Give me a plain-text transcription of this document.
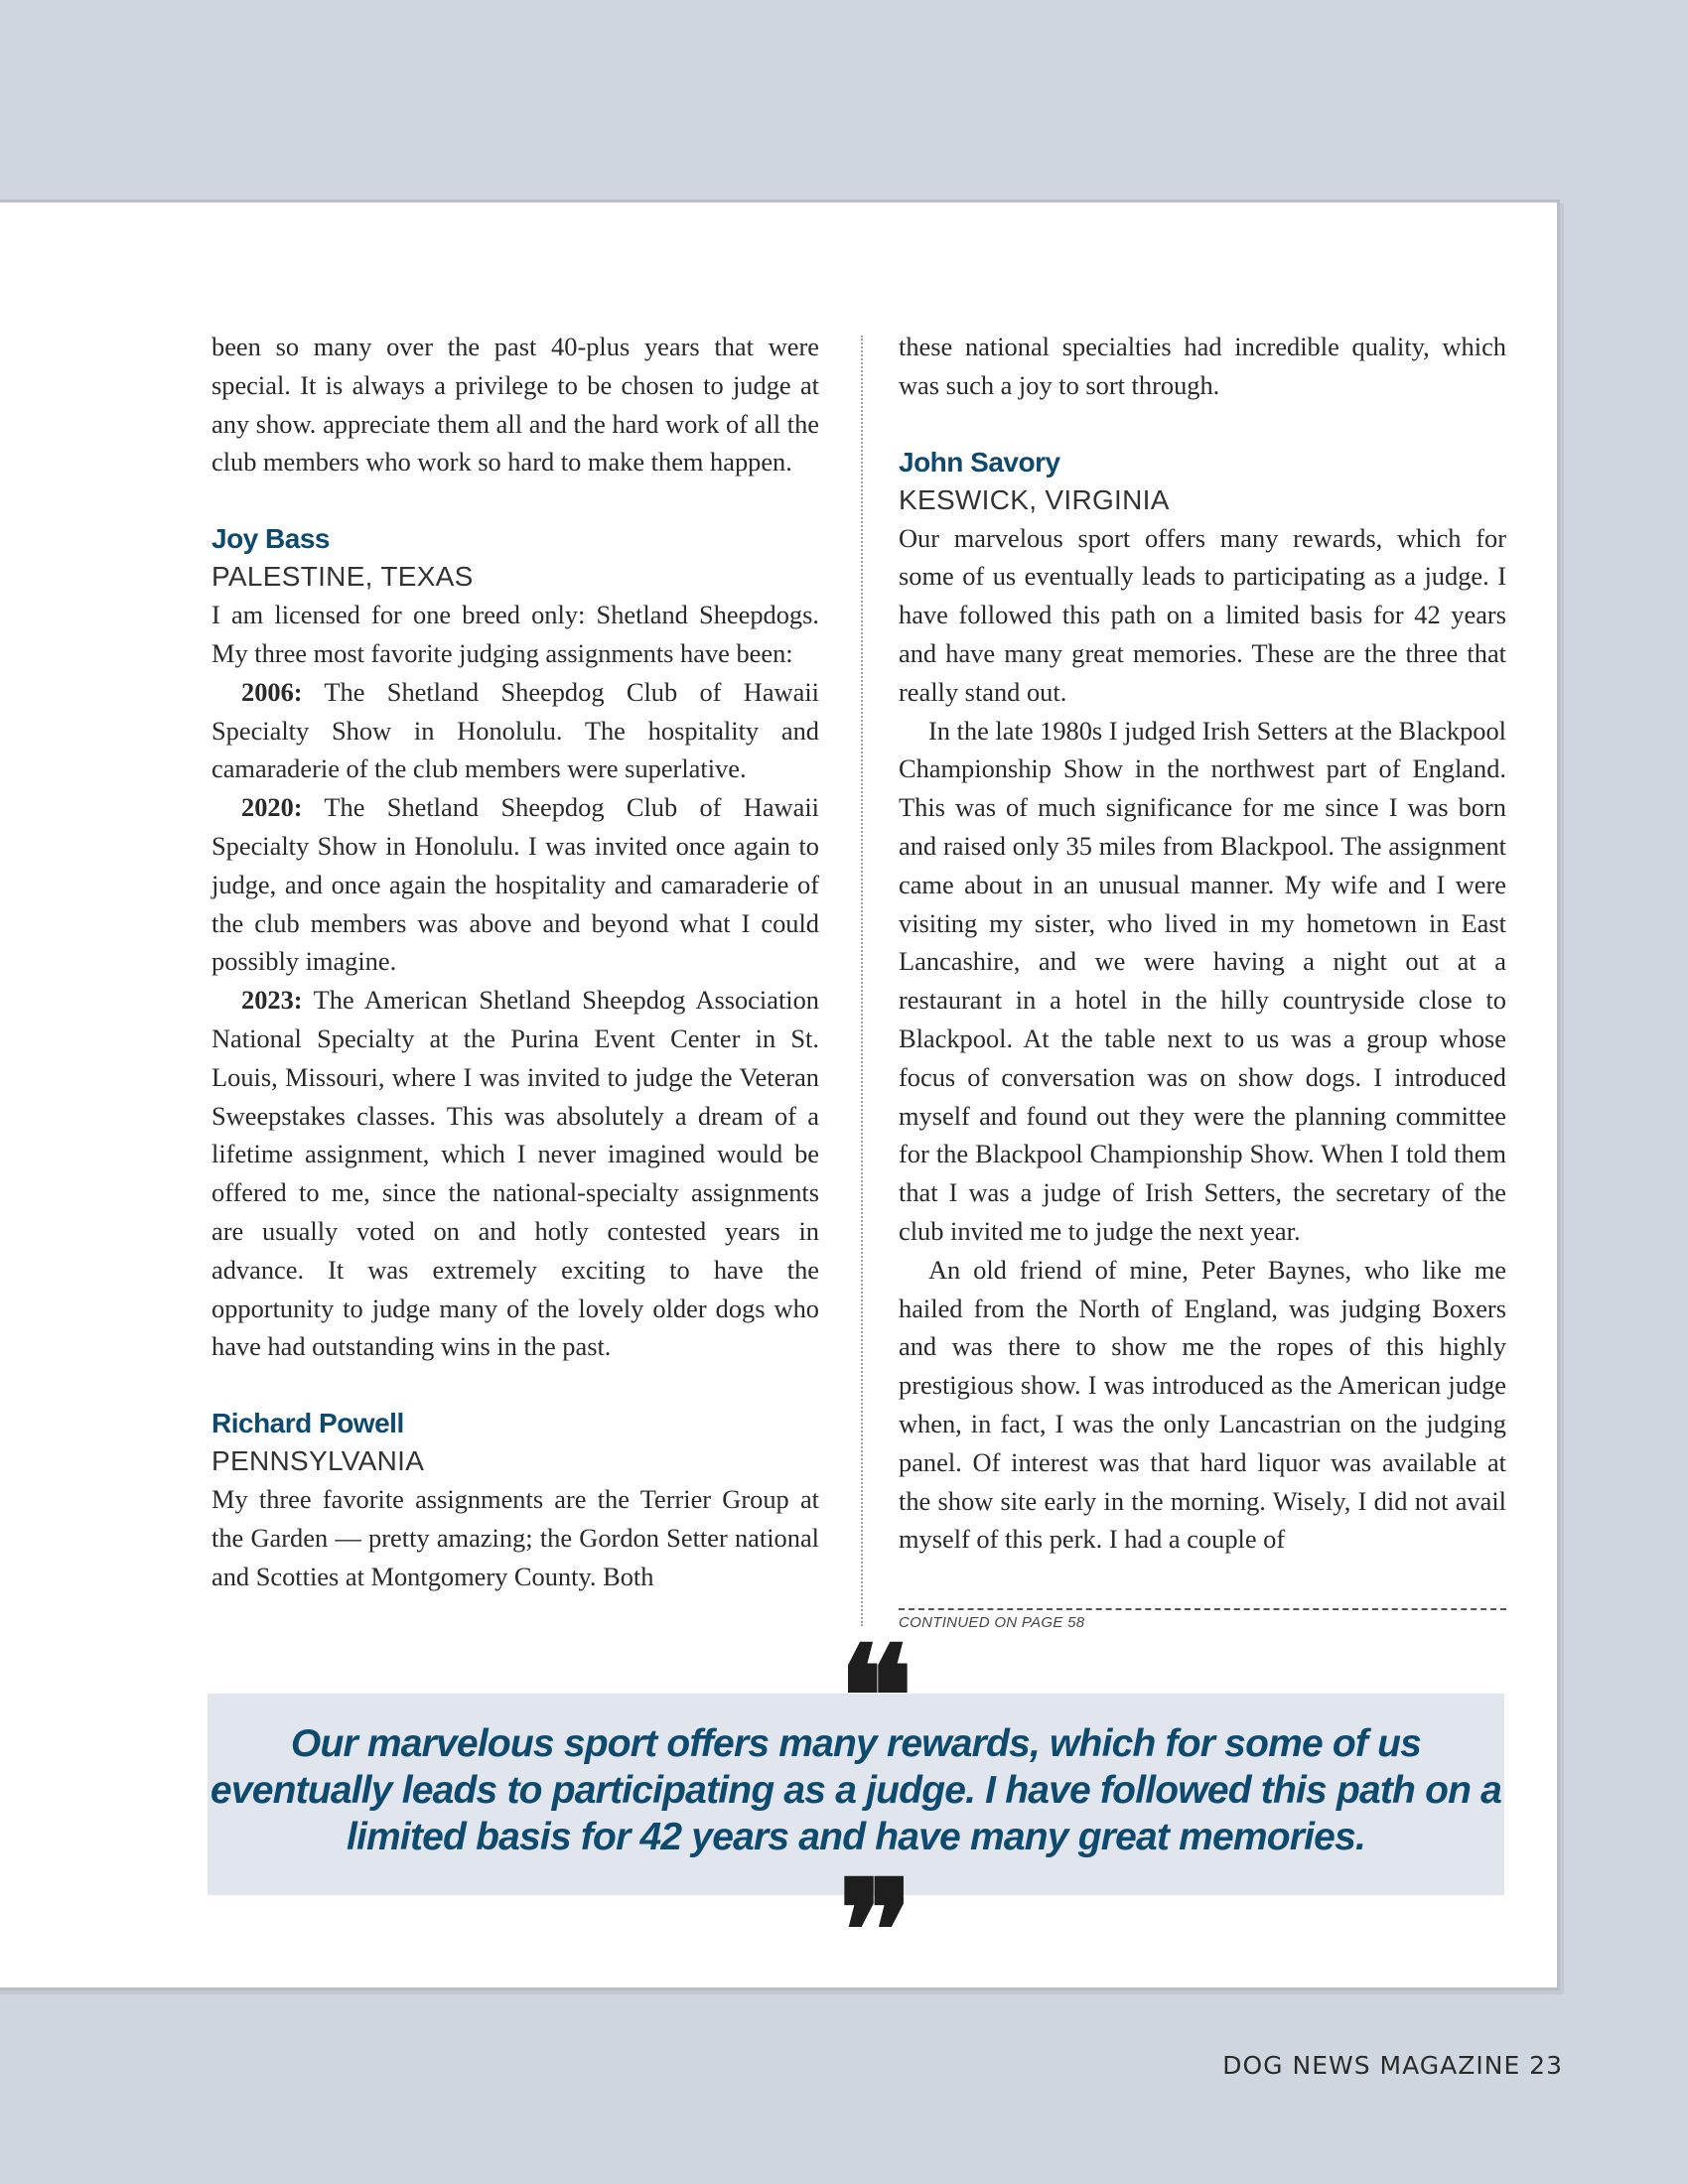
been so many over the past 40-plus years that were special. It is always a privilege to be chosen to judge at any show. appreciate them all and the hard work of all the club members who work so hard to make them happen.

Joy Bass

PALESTINE, TEXAS

I am licensed for one breed only: Shetland Sheepdogs. My three most favorite judging assignments have been:

2006: The Shetland Sheepdog Club of Hawaii Specialty Show in Honolulu. The hospitality and camaraderie of the club members were superlative.

2020: The Shetland Sheepdog Club of Hawaii Specialty Show in Honolulu. I was invited once again to judge, and once again the hospitality and camaraderie of the club members was above and beyond what I could possibly imagine.

2023: The American Shetland Sheepdog Association National Specialty at the Purina Event Center in St. Louis, Missouri, where I was invited to judge the Veteran Sweepstakes classes. This was absolutely a dream of a lifetime assignment, which I never imagined would be offered to me, since the national-specialty assignments are usually voted on and hotly contested years in advance. It was extremely exciting to have the opportunity to judge many of the lovely older dogs who have had outstanding wins in the past.

Richard Powell

PENNSYLVANIA

My three favorite assignments are the Terrier Group at the Garden — pretty amazing; the Gordon Setter national and Scotties at Montgomery County. Both

these national specialties had incredible quality, which was such a joy to sort through.

John Savory

KESWICK, VIRGINIA

Our marvelous sport offers many rewards, which for some of us eventually leads to participating as a judge. I have followed this path on a limited basis for 42 years and have many great memories. These are the three that really stand out.

In the late 1980s I judged Irish Setters at the Blackpool Championship Show in the northwest part of England. This was of much significance for me since I was born and raised only 35 miles from Blackpool. The assignment came about in an unusual manner. My wife and I were visiting my sister, who lived in my hometown in East Lancashire, and we were having a night out at a restaurant in a hotel in the hilly countryside close to Blackpool. At the table next to us was a group whose focus of conversation was on show dogs. I introduced myself and found out they were the planning committee for the Blackpool Championship Show. When I told them that I was a judge of Irish Setters, the secretary of the club invited me to judge the next year.

An old friend of mine, Peter Baynes, who like me hailed from the North of England, was judging Boxers and was there to show me the ropes of this highly prestigious show. I was introduced as the American judge when, in fact, I was the only Lancastrian on the judging panel. Of interest was that hard liquor was available at the show site early in the morning. Wisely, I did not avail myself of this perk. I had a couple of

CONTINUED ON PAGE 58
❝
Our marvelous sport offers many rewards, which for some of us eventually leads to participating as a judge. I have followed this path on a limited basis for 42 years and have many great memories.
❞
DOG NEWS MAGAZINE 23
